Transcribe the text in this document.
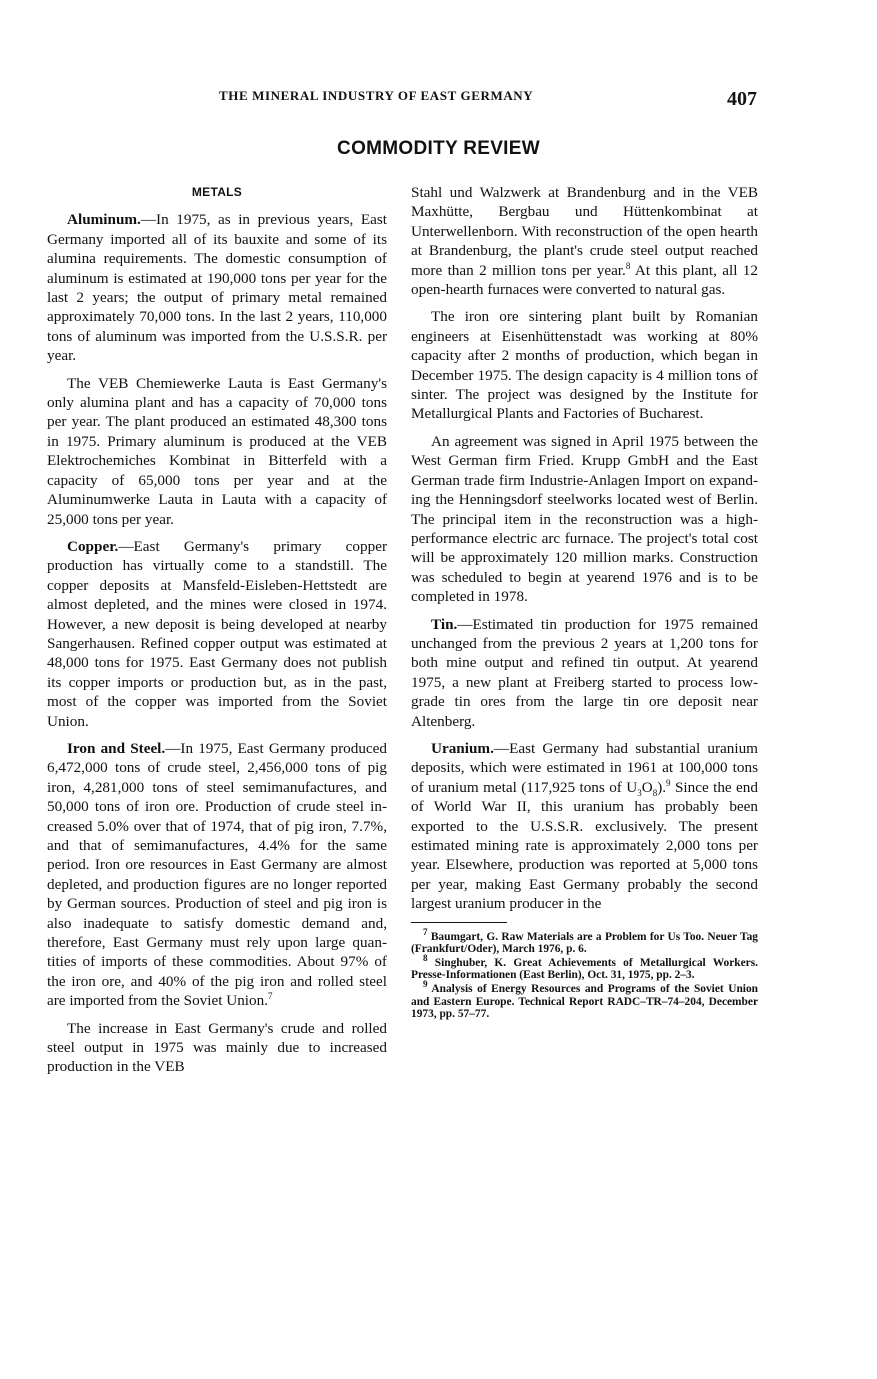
THE MINERAL INDUSTRY OF EAST GERMANY	407
COMMODITY REVIEW
METALS

Aluminum.—In 1975, as in previous years, East Germany imported all of its bauxite and some of its alumina requirements. The domestic consumption of aluminum is estimated at 190,000 tons per year for the last 2 years; the output of primary metal remained approximately 70,000 tons. In the last 2 years, 110,000 tons of aluminum was imported from the U.S.S.R. per year.

The VEB Chemiewerke Lauta is East Germany's only alumina plant and has a capacity of 70,000 tons per year. The plant produced an estimated 48,300 tons in 1975. Primary aluminum is produced at the VEB Elektrochemiches Kombinat in Bitterfeld with a capacity of 65,000 tons per year and at the Aluminumwerke Lauta in Lauta with a capacity of 25,000 tons per year.

Copper.—East Germany's primary copper production has virtually come to a standstill. The copper deposits at Mansfeld-Eisleben-Hettstedt are almost depleted, and the mines were closed in 1974. However, a new deposit is being developed at nearby Sangerhausen. Refined copper output was estimated at 48,000 tons for 1975. East Germany does not publish its copper imports or production but, as in the past, most of the copper was imported from the Soviet Union.

Iron and Steel.—In 1975, East Germany produced 6,472,000 tons of crude steel, 2,456,000 tons of pig iron, 4,281,000 tons of steel semimanufactures, and 50,000 tons of iron ore. Production of crude steel increased 5.0% over that of 1974, that of pig iron, 7.7%, and that of semimanufactures, 4.4% for the same period. Iron ore resources in East Germany are almost depleted, and production figures are no longer reported by German sources. Production of steel and pig iron is also inadequate to satisfy domestic demand and, therefore, East Germany must rely upon large quantities of imports of these commodities. About 97% of the iron ore, and 40% of the pig iron and rolled steel are imported from the Soviet Union.$^7$

The increase in East Germany's crude and rolled steel output in 1975 was mainly due to increased production in the VEB

Stahl und Walzwerk at Brandenburg and in the VEB Maxhütte, Bergbau und Hüttenkombinat at Unterwellenborn. With reconstruction of the open hearth at Brandenburg, the plant's crude steel output reached more than 2 million tons per year.$^8$ At this plant, all 12 open-hearth furnaces were converted to natural gas.

The iron ore sintering plant built by Romanian engineers at Eisenhüttenstadt was working at 80% capacity after 2 months of production, which began in December 1975. The design capacity is 4 million tons of sinter. The project was designed by the Institute for Metallurgical Plants and Factories of Bucharest.

An agreement was signed in April 1975 between the West German firm Fried. Krupp GmbH and the East German trade firm Industrie-Anlagen Import on expanding the Henningsdorf steelworks located west of Berlin. The principal item in the reconstruction was a high-performance electric arc furnace. The project's total cost will be approximately 120 million marks. Construction was scheduled to begin at yearend 1976 and is to be completed in 1978.

Tin.—Estimated tin production for 1975 remained unchanged from the previous 2 years at 1,200 tons for both mine output and refined tin output. At yearend 1975, a new plant at Freiberg started to process low-grade tin ores from the large tin ore deposit near Altenberg.

Uranium.—East Germany had substantial uranium deposits, which were estimated in 1961 at 100,000 tons of uranium metal (117,925 tons of $U_3O_8).^9$ Since the end of World War II, this uranium has probably been exported to the U.S.S.R. exclusively. The present estimated mining rate is approximately 2,000 tons per year. Elsewhere, production was reported at 5,000 tons per year, making East Germany probably the second largest uranium producer in the

$^7$ Baumgart, G. Raw Materials are a Problem for Us Too. Neuer Tag (Frankfurt/Oder), March 1976, p. 6.

$^8$ Singhuber, K. Great Achievements of Metallurgical Workers. Presse-Informationen (East Berlin), Oct. 31, 1975, pp. 2–3.

$^9$ Analysis of Energy Resources and Programs of the Soviet Union and Eastern Europe. Technical Report RADC–TR–74–204, December 1973, pp. 57–77.
